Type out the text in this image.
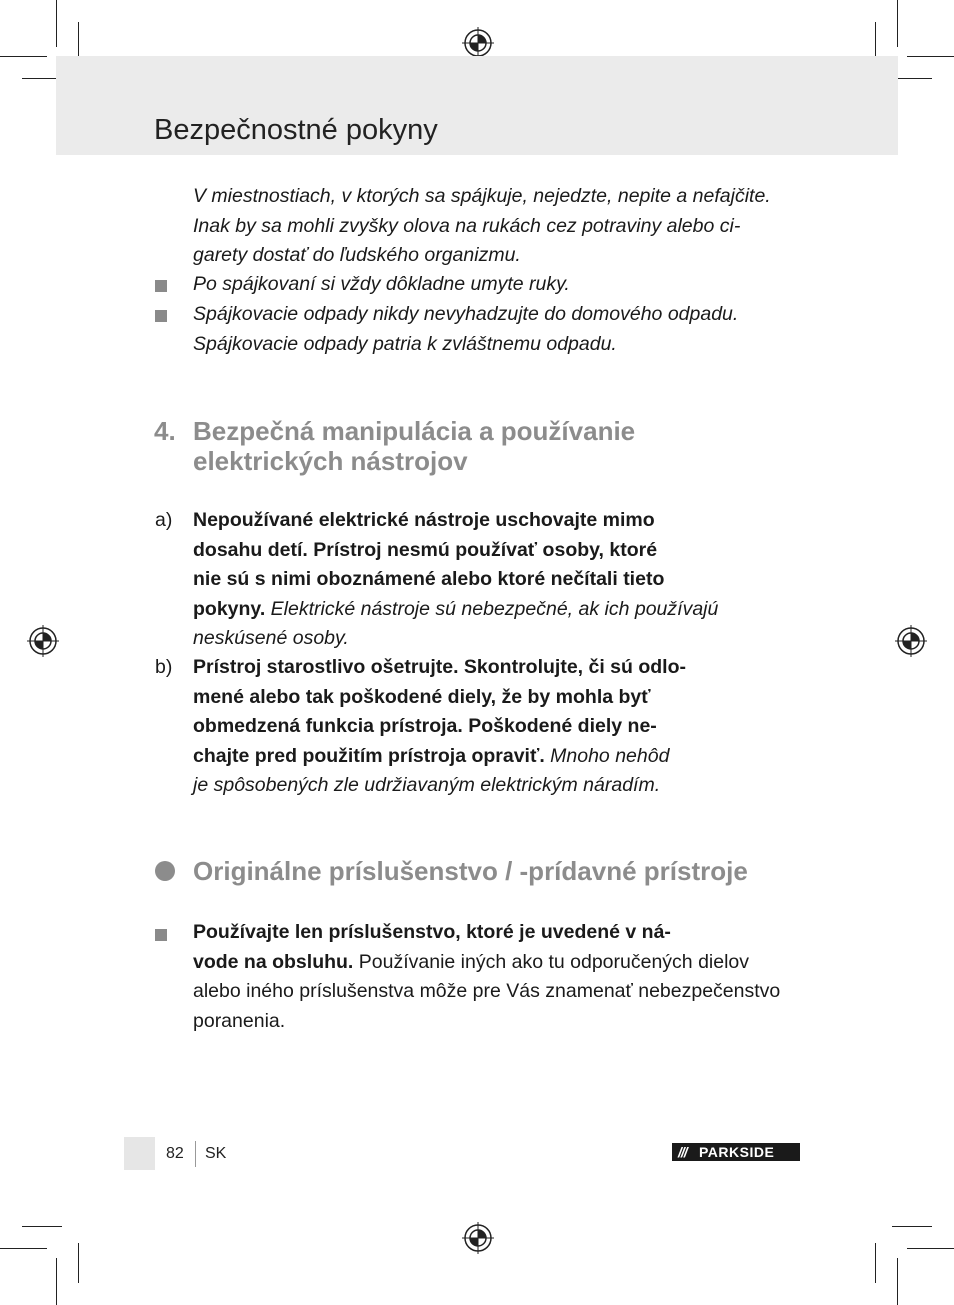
Bezpečnostné pokyny
V miestnostiach, v ktorých sa spájkuje, nejedzte, nepite a nefajčite.
Inak by sa mohli zvyšky olova na rukách cez potraviny alebo ci-
garety dostať do ľudského organizmu.
Po spájkovaní si vždy dôkladne umyte ruky.
Spájkovacie odpady nikdy nevyhadzujte do domového odpadu.
Spájkovacie odpady patria k zvláštnemu odpadu.
4. Bezpečná manipulácia a používanie
elektrických nástrojov
a) Nepoužívané elektrické nástroje uschovajte mimo
dosahu detí. Prístroj nesmú používať osoby, ktoré
nie sú s nimi oboznámené alebo ktoré nečítali tieto
pokyny. Elektrické nástroje sú nebezpečné, ak ich používajú
neskúsené osoby.
b) Prístroj starostlivo ošetrujte. Skontrolujte, či sú odlo-
mené alebo tak poškodené diely, že by mohla byť
obmedzená funkcia prístroja. Poškodené diely ne-
chajte pred použitím prístroja opraviť. Mnoho nehôd
je spôsobených zle udržiavaným elektrickým náradím.
Originálne príslušenstvo / -prídavné prístroje
Používajte len príslušenstvo, ktoré je uvedené v ná-
vode na obsluhu. Používanie iných ako tu odporučených dielov
alebo iného príslušenstva môže pre Vás znamenať nebezpečenstvo
poranenia.
82 SK	/// PARKSIDE
